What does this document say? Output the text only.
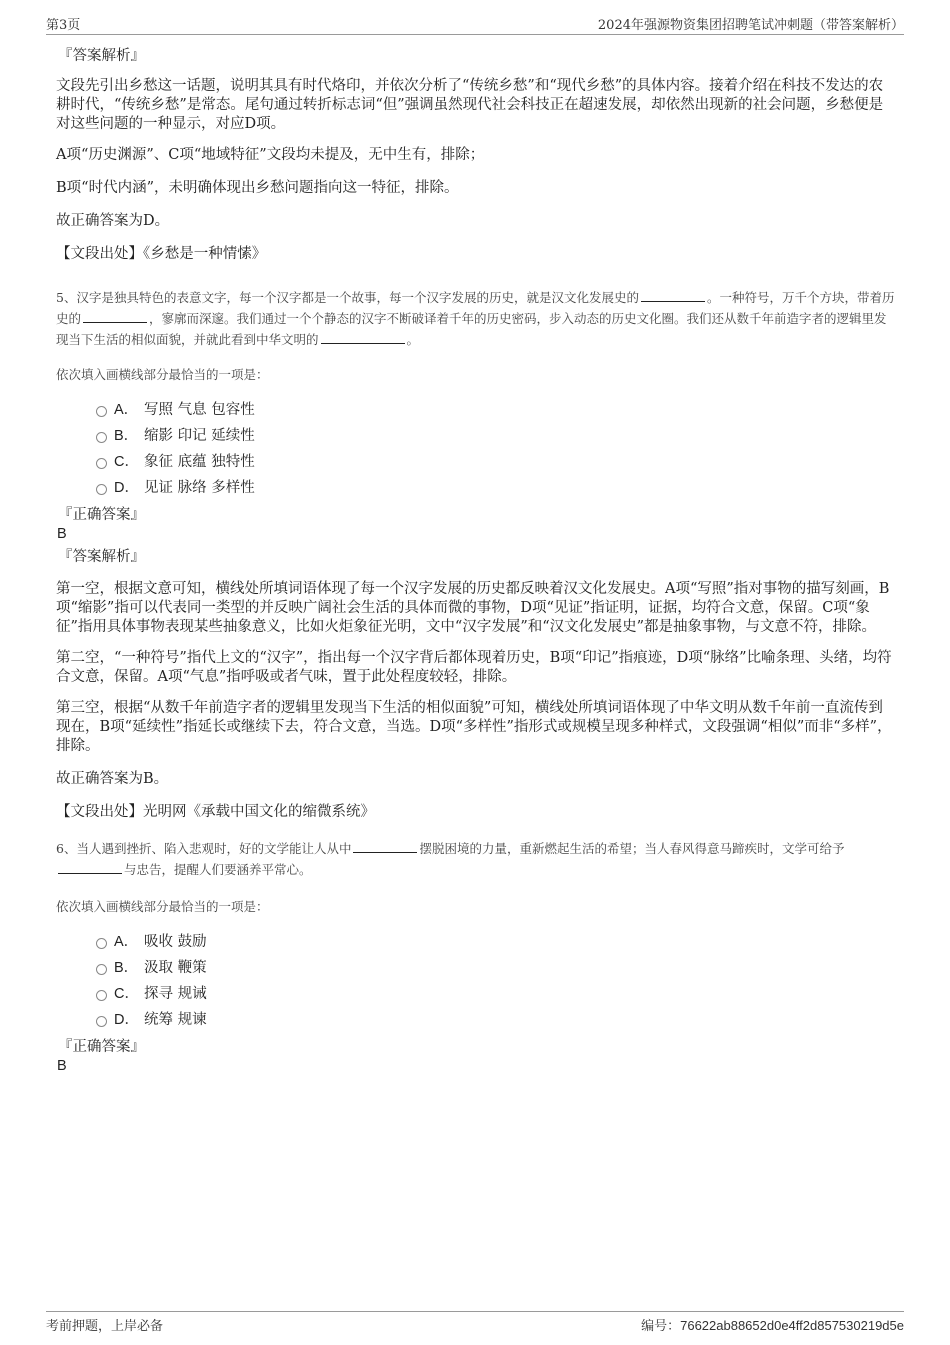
第3页	2024年强源物资集团招聘笔试冲刺题（带答案解析）
『答案解析』

文段先引出乡愁这一话题，说明其具有时代烙印，并依次分析了“传统乡愁”和“现代乡愁”的具体内容。接着介绍在科技不发达的农耕时代，“传统乡愁”是常态。尾句通过转折标志词“但”强调虽然现代社会科技正在超速发展，却依然出现新的社会问题，乡愁便是对这些问题的一种显示，对应D项。

A项“历史渊源”、C项“地域特征”文段均未提及，无中生有，排除；

B项“时代内涵”，未明确体现出乡愁问题指向这一特征，排除。

故正确答案为D。

【文段出处】《乡愁是一种情愫》

5、汉字是独具特色的表意文字，每一个汉字都是一个故事，每一个汉字发展的历史，就是汉文化发展史的	。一种符号，万千个方块，带着历史的	，寥廓而深邃。我们通过一个个静态的汉字不断破译着千年的历史密码，步入动态的历史文化圈。我们还从数千年前造字者的逻辑里发现当下生活的相似面貌，并就此看到中华文明的	。

依次填入画横线部分最恰当的一项是：

A． 写照 气息 包容性
B． 缩影 印记 延续性
C． 象征 底蕴 独特性
D． 见证 脉络 多样性
『正确答案』
B
『答案解析』

第一空，根据文意可知，横线处所填词语体现了每一个汉字发展的历史都反映着汉文化发展史。A项“写照”指对事物的描写刻画，B项“缩影”指可以代表同一类型的并反映广阔社会生活的具体而微的事物，D项“见证”指证明，证据，均符合文意，保留。C项“象征”指用具体事物表现某些抽象意义，比如火炬象征光明，文中“汉字发展”和“汉文化发展史”都是抽象事物，与文意不符，排除。

第二空，“一种符号”指代上文的“汉字”，指出每一个汉字背后都体现着历史，B项“印记”指痕迹，D项“脉络”比喻条理、头绪，均符合文意，保留。A项“气息”指呼吸或者气味，置于此处程度较轻，排除。

第三空，根据“从数千年前造字者的逻辑里发现当下生活的相似面貌”可知，横线处所填词语体现了中华文明从数千年前一直流传到现在，B项“延续性”指延长或继续下去，符合文意，当选。D项“多样性”指形式或规模呈现多种样式，文段强调“相似”而非“多样”，排除。

故正确答案为B。

【文段出处】光明网《承载中国文化的缩微系统》

6、当人遇到挫折、陷入悲观时，好的文学能让人从中	摆脱困境的力量，重新燃起生活的希望；当人春风得意马蹄疾时，文学可给予与忠告，提醒人们要涵养平常心。

依次填入画横线部分最恰当的一项是：

A． 吸收 鼓励
B． 汲取 鞭策
C． 探寻 规诫
D． 统筹 规谏
『正确答案』
B
考前押题，上岸必备	编号：76622ab88652d0e4ff2d857530219d5e
